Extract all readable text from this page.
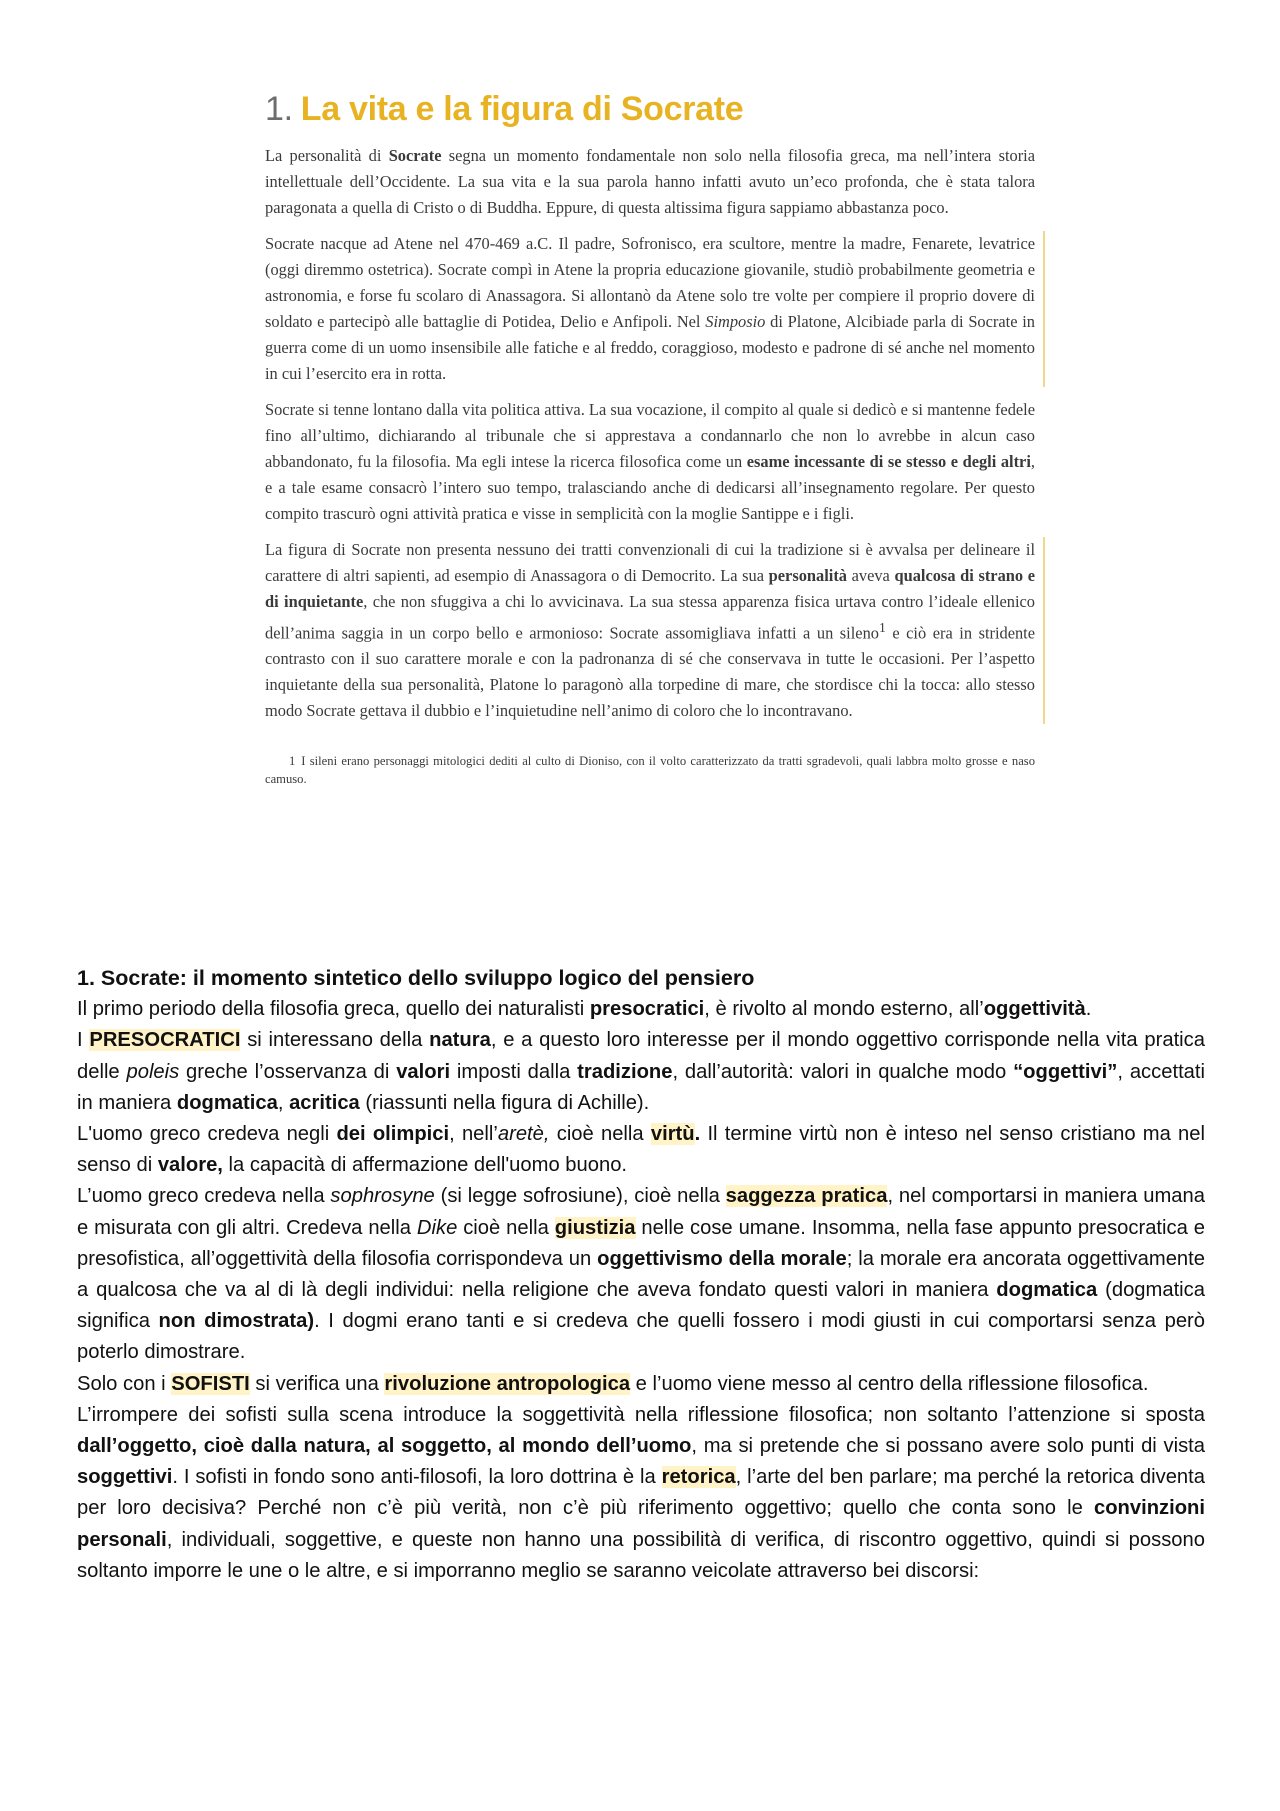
1. La vita e la figura di Socrate

La personalità di Socrate segna un momento fondamentale non solo nella filosofia greca, ma nell’intera storia intellettuale dell’Occidente. La sua vita e la sua parola hanno infatti avuto un’eco profonda, che è stata talora paragonata a quella di Cristo o di Buddha. Eppure, di questa altissima figura sappiamo abbastanza poco.

Socrate nacque ad Atene nel 470-469 a.C. Il padre, Sofronisco, era scultore, mentre la madre, Fenarete, levatrice (oggi diremmo ostetrica). Socrate compì in Atene la propria educazione giovanile, studiò probabilmente geometria e astronomia, e forse fu scolaro di Anassagora. Si allontanò da Atene solo tre volte per compiere il proprio dovere di soldato e partecipò alle battaglie di Potidea, Delio e Anfipoli. Nel Simposio di Platone, Alcibiade parla di Socrate in guerra come di un uomo insensibile alle fatiche e al freddo, coraggioso, modesto e padrone di sé anche nel momento in cui l’esercito era in rotta.

Socrate si tenne lontano dalla vita politica attiva. La sua vocazione, il compito al quale si dedicò e si mantenne fedele fino all’ultimo, dichiarando al tribunale che si apprestava a condannarlo che non lo avrebbe in alcun caso abbandonato, fu la filosofia. Ma egli intese la ricerca filosofica come un esame incessante di se stesso e degli altri, e a tale esame consacrò l’intero suo tempo, tralasciando anche di dedicarsi all’insegnamento regolare. Per questo compito trascurò ogni attività pratica e visse in semplicità con la moglie Santippe e i figli.

La figura di Socrate non presenta nessuno dei tratti convenzionali di cui la tradizione si è avvalsa per delineare il carattere di altri sapienti, ad esempio di Anassagora o di Democrito. La sua personalità aveva qualcosa di strano e di inquietante, che non sfuggiva a chi lo avvicinava. La sua stessa apparenza fisica urtava contro l’ideale ellenico dell’anima saggia in un corpo bello e armonioso: Socrate assomigliava infatti a un sileno$^1$ e ciò era in stridente contrasto con il suo carattere morale e con la padronanza di sé che conservava in tutte le occasioni. Per l’aspetto inquietante della sua personalità, Platone lo paragonò alla torpedine di mare, che stordisce chi la tocca: allo stesso modo Socrate gettava il dubbio e l’inquietudine nell’animo di coloro che lo incontravano.

1 I sileni erano personaggi mitologici dediti al culto di Dioniso, con il volto caratterizzato da tratti sgradevoli, quali labbra molto grosse e naso camuso.

1. Socrate: il momento sintetico dello sviluppo logico del pensiero

Il primo periodo della filosofia greca, quello dei naturalisti presocratici, è rivolto al mondo esterno, all’oggettività.

I PRESOCRATICI si interessano della natura, e a questo loro interesse per il mondo oggettivo corrisponde nella vita pratica delle poleis greche l’osservanza di valori imposti dalla tradizione, dall’autorità: valori in qualche modo “oggettivi”, accettati in maniera dogmatica, acritica (riassunti nella figura di Achille).

L'uomo greco credeva negli dei olimpici, nell’aretè, cioè nella virtù. Il termine virtù non è inteso nel senso cristiano ma nel senso di valore, la capacità di affermazione dell'uomo buono.

L’uomo greco credeva nella sophrosyne (si legge sofrosiune), cioè nella saggezza pratica, nel comportarsi in maniera umana e misurata con gli altri. Credeva nella Dike cioè nella giustizia nelle cose umane. Insomma, nella fase appunto presocratica e presofistica, all’oggettività della filosofia corrispondeva un oggettivismo della morale; la morale era ancorata oggettivamente a qualcosa che va al di là degli individui: nella religione che aveva fondato questi valori in maniera dogmatica (dogmatica significa non dimostrata). I dogmi erano tanti e si credeva che quelli fossero i modi giusti in cui comportarsi senza però poterlo dimostrare.

Solo con i SOFISTI si verifica una rivoluzione antropologica e l’uomo viene messo al centro della riflessione filosofica.

L’irrompere dei sofisti sulla scena introduce la soggettività nella riflessione filosofica; non soltanto l’attenzione si sposta dall’oggetto, cioè dalla natura, al soggetto, al mondo dell’uomo, ma si pretende che si possano avere solo punti di vista soggettivi. I sofisti in fondo sono anti-filosofi, la loro dottrina è la retorica, l’arte del ben parlare; ma perché la retorica diventa per loro decisiva? Perché non c’è più verità, non c’è più riferimento oggettivo; quello che conta sono le convinzioni personali, individuali, soggettive, e queste non hanno una possibilità di verifica, di riscontro oggettivo, quindi si possono soltanto imporre le une o le altre, e si imporranno meglio se saranno veicolate attraverso bei discorsi:
